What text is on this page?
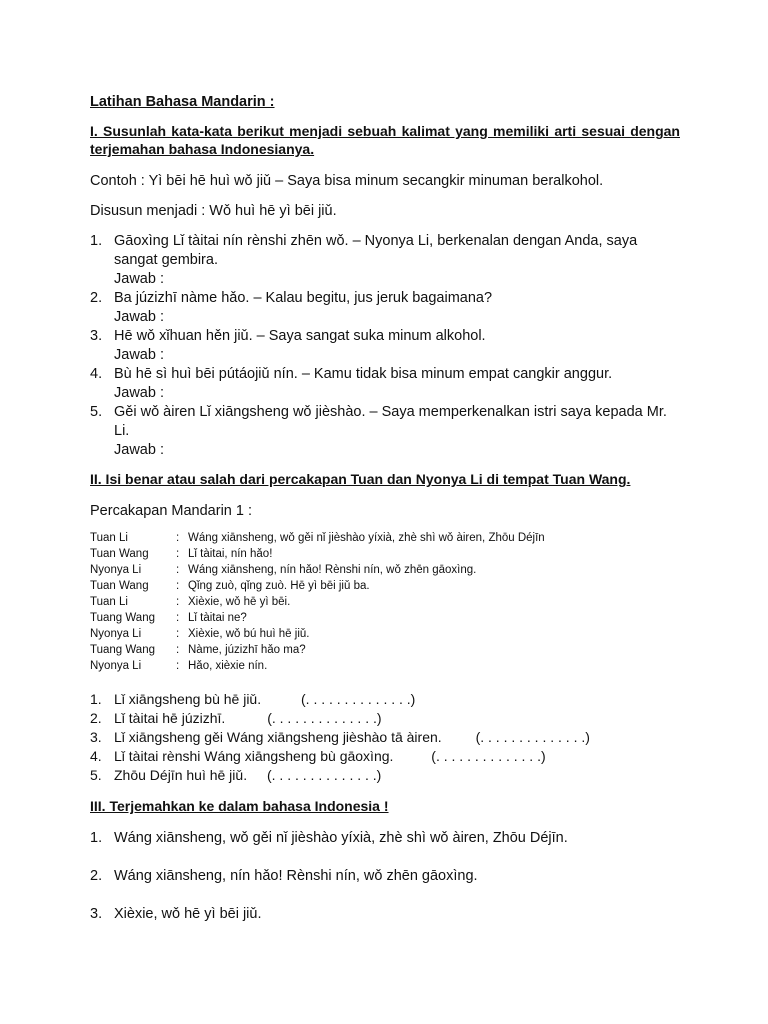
Latihan Bahasa Mandarin :
I. Susunlah kata-kata berikut menjadi sebuah kalimat yang memiliki arti sesuai dengan terjemahan bahasa Indonesianya.
Contoh : Yì bēi hē huì wǒ jiǔ – Saya bisa minum secangkir minuman beralkohol.
Disusun menjadi : Wǒ huì hē yì bēi jiǔ.
1. Gāoxìng Lǐ tàitai nín rènshi zhēn wǒ. – Nyonya Li, berkenalan dengan Anda, saya sangat gembira.
Jawab :
2. Ba júzizhī nàme hǎo. – Kalau begitu, jus jeruk bagaimana?
Jawab :
3. Hē wǒ xǐhuan hěn jiǔ. – Saya sangat suka minum alkohol.
Jawab :
4. Bù hē sì huì bēi pútáojiǔ nín. – Kamu tidak bisa minum empat cangkir anggur.
Jawab :
5. Gěi wǒ àiren Lǐ xiāngsheng wǒ jièshào. – Saya memperkenalkan istri saya kepada Mr. Li.
Jawab :
II. Isi benar atau salah dari percakapan Tuan dan Nyonya Li di tempat Tuan Wang.
Percakapan Mandarin 1 :
Tuan Li	: Wáng xiānsheng, wǒ gěi nǐ jièshào yíxià, zhè shì wǒ àiren, Zhōu Déjīn
Tuan Wang	: Lǐ tàitai, nín hǎo!
Nyonya Li	: Wáng xiānsheng, nín hǎo! Rènshi nín, wǒ zhēn gāoxìng.
Tuan Wang	: Qǐng zuò, qǐng zuò. Hē yì bēi jiǔ ba.
Tuan Li	: Xièxie, wǒ hē yì bēi.
Tuang Wang	: Lǐ tàitai ne?
Nyonya Li	: Xièxie, wǒ bú huì hē jiǔ.
Tuang Wang	: Nàme, júzizhī hǎo ma?
Nyonya Li	: Hǎo, xièxie nín.
1. Lǐ xiāngsheng bù hē jiǔ.	(. . . . . . . . . . . . . .)
2. Lǐ tàitai hē júzizhī.	(. . . . . . . . . . . . . .)
3. Lǐ xiāngsheng gěi Wáng xiāngsheng jièshào tā àiren. (. . . . . . . . . . . . . .)
4. Lǐ tàitai rènshi Wáng xiāngsheng bù gāoxìng.	(. . . . . . . . . . . . . .)
5. Zhōu Déjīn huì hē jiǔ. (. . . . . . . . . . . . . .)
III. Terjemahkan ke dalam bahasa Indonesia !
1. Wáng xiānsheng, wǒ gěi nǐ jièshào yíxià, zhè shì wǒ àiren, Zhōu Déjīn.
2. Wáng xiānsheng, nín hǎo! Rènshi nín, wǒ zhēn gāoxìng.
3. Xièxie, wǒ hē yì bēi jiǔ.
